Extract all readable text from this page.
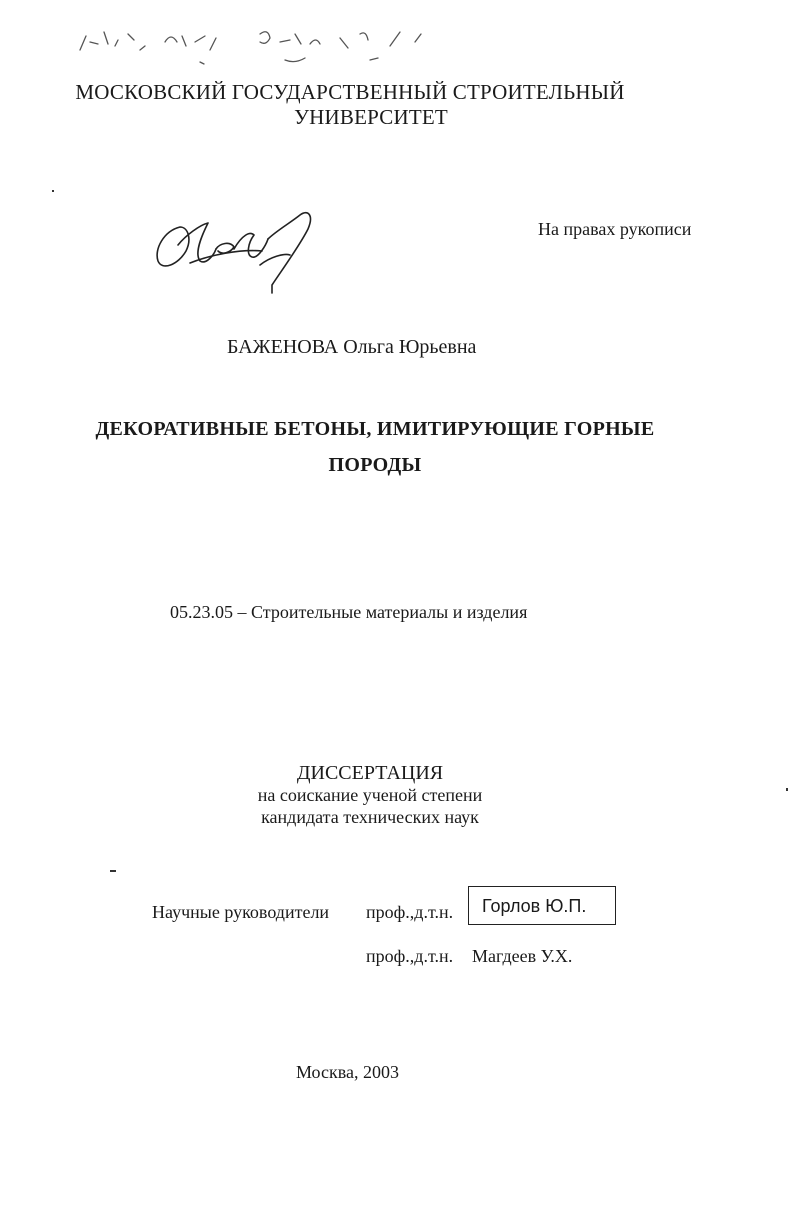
МОСКОВСКИЙ ГОСУДАРСТВЕННЫЙ СТРОИТЕЛЬНЫЙ
УНИВЕРСИТЕТ
На правах рукописи
БАЖЕНОВА Ольга Юрьевна
ДЕКОРАТИВНЫЕ БЕТОНЫ, ИМИТИРУЮЩИЕ ГОРНЫЕ
ПОРОДЫ
05.23.05 – Строительные материалы и изделия
ДИССЕРТАЦИЯ
на соискание ученой степени
кандидата технических наук
Научные руководители проф.,д.т.н. Горлов Ю.П.
проф.,д.т.н. Магдеев У.Х.
Москва, 2003
